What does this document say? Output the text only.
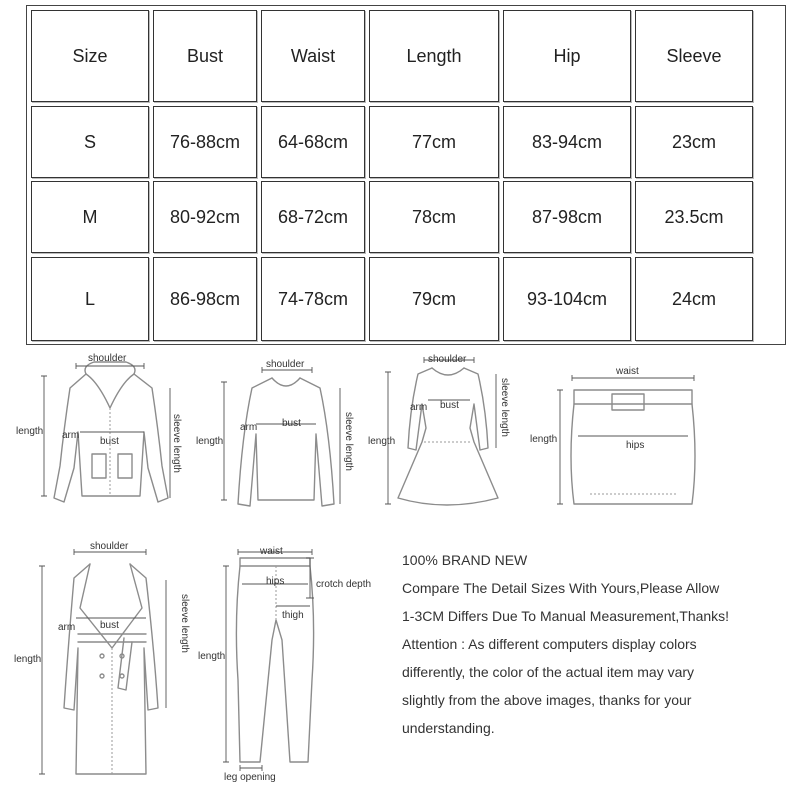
Size	Bust	Waist	Length	Hip	Sleeve
S	76-88cm	64-68cm	77cm	83-94cm	23cm
M	80-92cm	68-72cm	78cm	87-98cm	23.5cm
L	86-98cm	74-78cm	79cm	93-104cm	24cm
shoulder
length
bust
arm	sleeve length
shoulder
length
bust
arm	sleeve length
shoulder
length
bust
arm	sleeve length
waist
length
hips
shoulder
length
bust
arm	sleeve length
waist
hips	crotch depth
thigh
length
leg opening
100% BRAND NEW
Compare The Detail Sizes With Yours,Please Allow
1-3CM Differs Due To Manual Measurement,Thanks!
Attention : As different computers display colors
differently, the color of the actual item may vary
slightly from the above images, thanks for your
understanding.
